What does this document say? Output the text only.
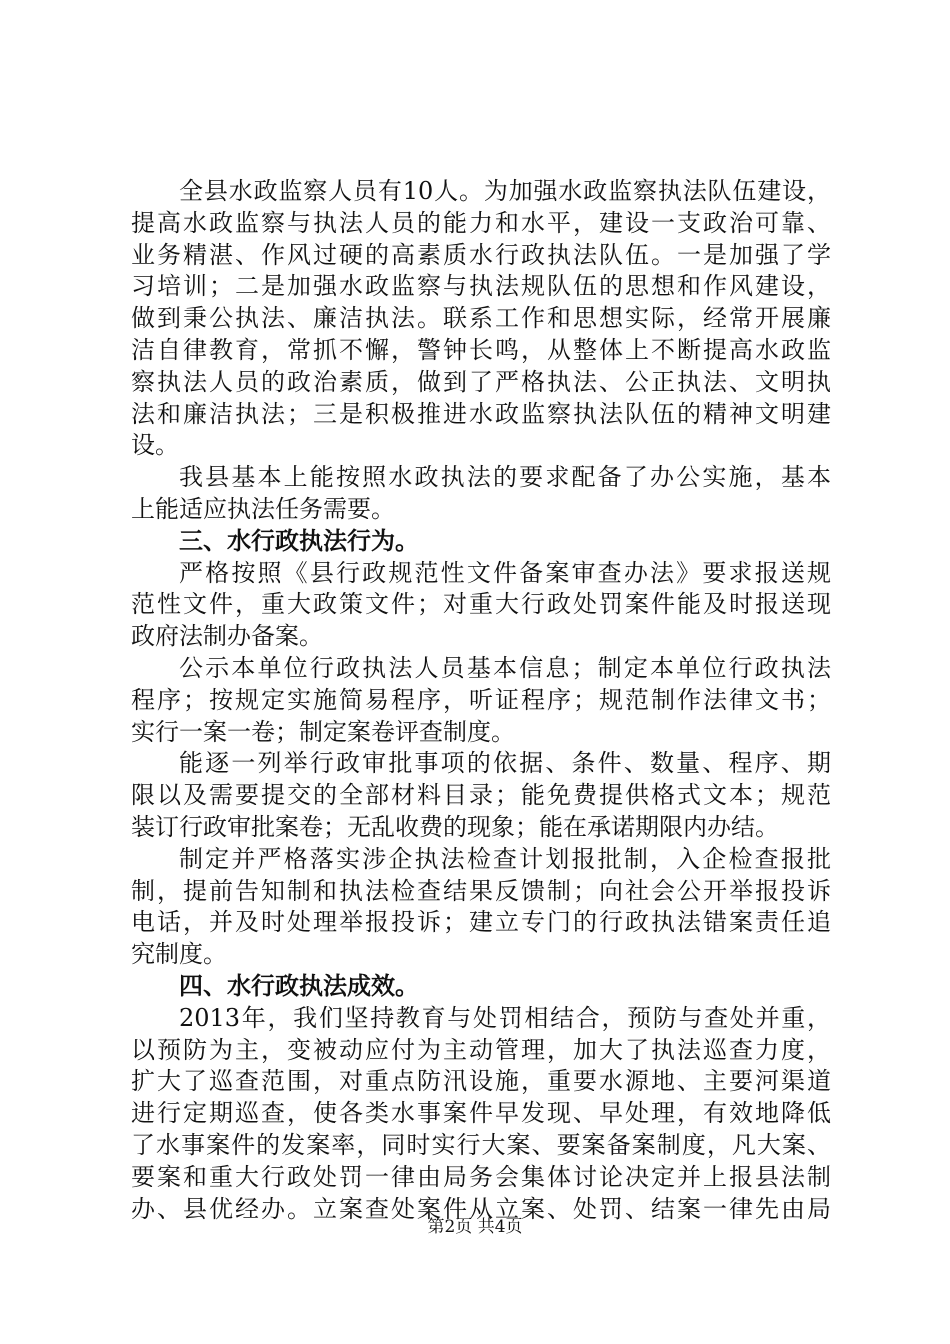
全县水政监察人员有10人。为加强水政监察执法队伍建设，
提高水政监察与执法人员的能力和水平，建设一支政治可靠、
业务精湛、作风过硬的高素质水行政执法队伍。一是加强了学
习培训；二是加强水政监察与执法规队伍的思想和作风建设，
做到秉公执法、廉洁执法。联系工作和思想实际，经常开展廉
洁自律教育，常抓不懈，警钟长鸣，从整体上不断提高水政监
察执法人员的政治素质，做到了严格执法、公正执法、文明执
法和廉洁执法；三是积极推进水政监察执法队伍的精神文明建
设。
我县基本上能按照水政执法的要求配备了办公实施，基本
上能适应执法任务需要。
三、水行政执法行为。
严格按照《县行政规范性文件备案审查办法》要求报送规
范性文件，重大政策文件；对重大行政处罚案件能及时报送现
政府法制办备案。
公示本单位行政执法人员基本信息；制定本单位行政执法
程序；按规定实施简易程序，听证程序；规范制作法律文书；
实行一案一卷；制定案卷评查制度。
能逐一列举行政审批事项的依据、条件、数量、程序、期
限以及需要提交的全部材料目录；能免费提供格式文本；规范
装订行政审批案卷；无乱收费的现象；能在承诺期限内办结。
制定并严格落实涉企执法检查计划报批制，入企检查报批
制，提前告知制和执法检查结果反馈制；向社会公开举报投诉
电话，并及时处理举报投诉；建立专门的行政执法错案责任追
究制度。
四、水行政执法成效。
2013年，我们坚持教育与处罚相结合，预防与查处并重，
以预防为主，变被动应付为主动管理，加大了执法巡查力度，
扩大了巡查范围，对重点防汛设施，重要水源地、主要河渠道
进行定期巡查，使各类水事案件早发现、早处理，有效地降低
了水事案件的发案率，同时实行大案、要案备案制度，凡大案、
要案和重大行政处罚一律由局务会集体讨论决定并上报县法制
办、县优经办。立案查处案件从立案、处罚、结案一律先由局
第2页 共4页
